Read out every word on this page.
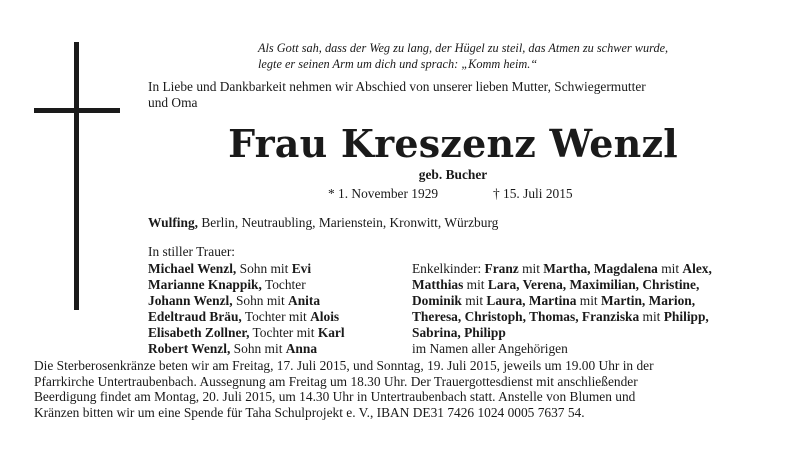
Als Gott sah, dass der Weg zu lang, der Hügel zu steil, das Atmen zu schwer wurde,
legte er seinen Arm um dich und sprach: „Komm heim.“
In Liebe und Dankbarkeit nehmen wir Abschied von unserer lieben Mutter, Schwiegermutter
und Oma
Frau Kreszenz Wenzl
geb. Bucher
* 1. November 1929	† 15. Juli 2015
Wulfing, Berlin, Neutraubling, Marienstein, Kronwitt, Würzburg
In stiller Trauer:
Michael Wenzl, Sohn mit Evi
Marianne Knappik, Tochter
Johann Wenzl, Sohn mit Anita
Edeltraud Bräu, Tochter mit Alois
Elisabeth Zollner, Tochter mit Karl
Robert Wenzl, Sohn mit Anna
Enkelkinder: Franz mit Martha, Magdalena mit Alex,
Matthias mit Lara, Verena, Maximilian, Christine,
Dominik mit Laura, Martina mit Martin, Marion,
Theresa, Christoph, Thomas, Franziska mit Philipp,
Sabrina, Philipp
im Namen aller Angehörigen
Die Sterberosenkränze beten wir am Freitag, 17. Juli 2015, und Sonntag, 19. Juli 2015, jeweils um 19.00 Uhr in der
Pfarrkirche Untertraubenbach. Aussegnung am Freitag um 18.30 Uhr. Der Trauergottesdienst mit anschließender
Beerdigung findet am Montag, 20. Juli 2015, um 14.30 Uhr in Untertraubenbach statt. Anstelle von Blumen und
Kränzen bitten wir um eine Spende für Taha Schulprojekt e. V., IBAN DE31 7426 1024 0005 7637 54.
